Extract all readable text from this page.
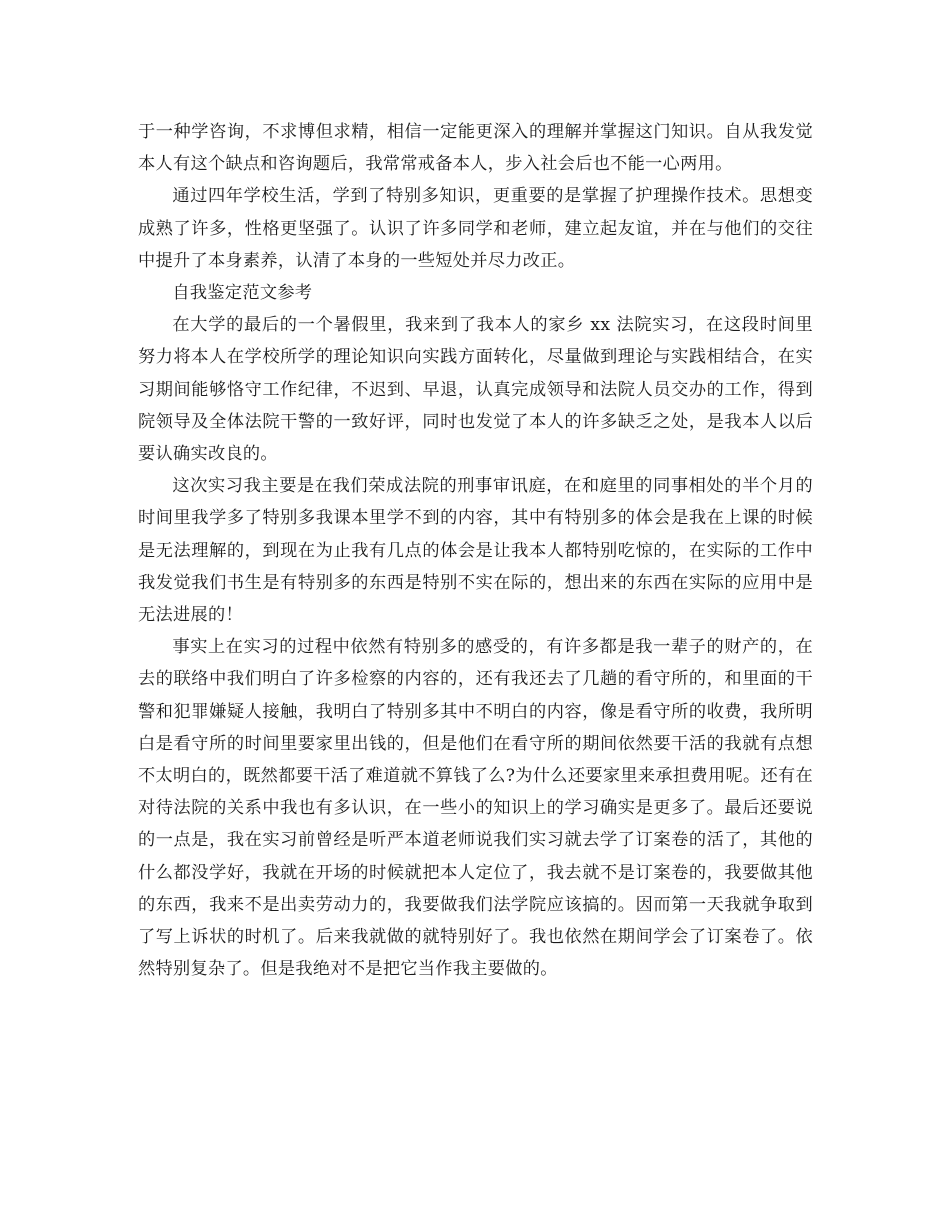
于一种学咨询，不求博但求精，相信一定能更深入的理解并掌握这门知识。自从我发觉本人有这个缺点和咨询题后，我常常戒备本人，步入社会后也不能一心两用。

通过四年学校生活，学到了特别多知识，更重要的是掌握了护理操作技术。思想变成熟了许多，性格更坚强了。认识了许多同学和老师，建立起友谊，并在与他们的交往中提升了本身素养，认清了本身的一些短处并尽力改正。

自我鉴定范文参考

在大学的最后的一个暑假里，我来到了我本人的家乡 xx 法院实习，在这段时间里努力将本人在学校所学的理论知识向实践方面转化，尽量做到理论与实践相结合，在实习期间能够恪守工作纪律，不迟到、早退，认真完成领导和法院人员交办的工作，得到院领导及全体法院干警的一致好评，同时也发觉了本人的许多缺乏之处，是我本人以后要认确实改良的。

这次实习我主要是在我们荣成法院的刑事审讯庭，在和庭里的同事相处的半个月的时间里我学多了特别多我课本里学不到的内容，其中有特别多的体会是我在上课的时候是无法理解的，到现在为止我有几点的体会是让我本人都特别吃惊的，在实际的工作中我发觉我们书生是有特别多的东西是特别不实在际的，想出来的东西在实际的应用中是无法进展的！

事实上在实习的过程中依然有特别多的感受的，有许多都是我一辈子的财产的，在去的联络中我们明白了许多检察的内容的，还有我还去了几趟的看守所的，和里面的干警和犯罪嫌疑人接触，我明白了特别多其中不明白的内容，像是看守所的收费，我所明白是看守所的时间里要家里出钱的，但是他们在看守所的期间依然要干活的我就有点想不太明白的，既然都要干活了难道就不算钱了么?为什么还要家里来承担费用呢。还有在对待法院的关系中我也有多认识，在一些小的知识上的学习确实是更多了。最后还要说的一点是，我在实习前曾经是听严本道老师说我们实习就去学了订案卷的活了，其他的什么都没学好，我就在开场的时候就把本人定位了，我去就不是订案卷的，我要做其他的东西，我来不是出卖劳动力的，我要做我们法学院应该搞的。因而第一天我就争取到了写上诉状的时机了。后来我就做的就特别好了。我也依然在期间学会了订案卷了。依然特别复杂了。但是我绝对不是把它当作我主要做的。
